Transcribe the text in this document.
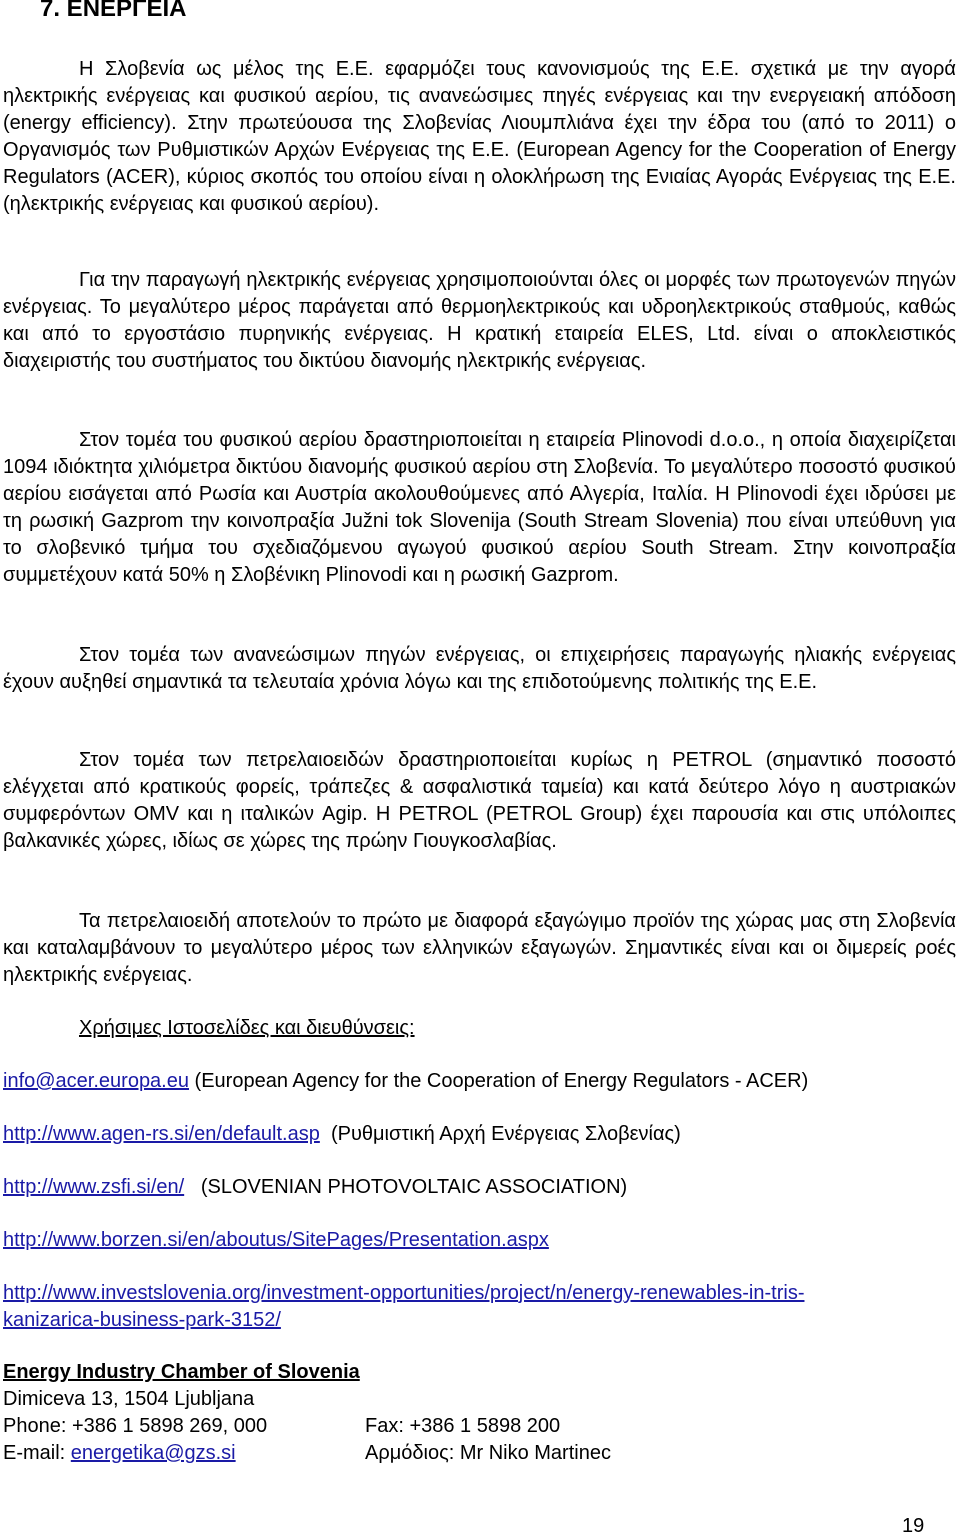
7. ΕΝΕΡΓΕΙΑ

Η Σλοβενία ως μέλος της Ε.Ε. εφαρμόζει τους κανονισμούς της Ε.Ε. σχετικά με την αγορά ηλεκτρικής ενέργειας και φυσικού αερίου, τις ανανεώσιμες πηγές ενέργειας και την ενεργειακή απόδοση (energy efficiency). Στην πρωτεύουσα της Σλοβενίας Λιουμπλιάνα έχει την έδρα του (από το 2011) ο Οργανισμός των Ρυθμιστικών Αρχών Ενέργειας της Ε.Ε. (European Agency for the Cooperation of Energy Regulators (ACER), κύριος σκοπός του οποίου είναι η ολοκλήρωση της Ενιαίας Αγοράς Ενέργειας της Ε.Ε. (ηλεκτρικής ενέργειας και φυσικού αερίου).

Για την παραγωγή ηλεκτρικής ενέργειας χρησιμοποιούνται όλες οι μορφές των πρωτογενών πηγών ενέργειας. Το μεγαλύτερο μέρος παράγεται από θερμοηλεκτρικούς και υδροηλεκτρικούς σταθμούς, καθώς και από το εργοστάσιο πυρηνικής ενέργειας. Η κρατική εταιρεία ELES, Ltd. είναι ο αποκλειστικός διαχειριστής του συστήματος του δικτύου διανομής ηλεκτρικής ενέργειας.

Στον τομέα του φυσικού αερίου δραστηριοποιείται η εταιρεία Plinovodi d.o.o., η οποία διαχειρίζεται 1094 ιδιόκτητα χιλιόμετρα δικτύου διανομής φυσικού αερίου στη Σλοβενία. Το μεγαλύτερο ποσοστό φυσικού αερίου εισάγεται από Ρωσία και Αυστρία ακολουθούμενες από Αλγερία, Ιταλία. Η Plinovodi έχει ιδρύσει με τη ρωσική Gazprom την κοινοπραξία Južni tok Slovenija (South Stream Slovenia) που είναι υπεύθυνη για το σλοβενικό τμήμα του σχεδιαζόμενου αγωγού φυσικού αερίου South Stream. Στην κοινοπραξία συμμετέχουν κατά 50% η Σλοβένικη Plinovodi και η ρωσική Gazprom.

Στον τομέα των ανανεώσιμων πηγών ενέργειας, οι επιχειρήσεις παραγωγής ηλιακής ενέργειας έχουν αυξηθεί σημαντικά τα τελευταία χρόνια λόγω και της επιδοτούμενης πολιτικής της Ε.Ε.

Στον τομέα των πετρελαιοειδών δραστηριοποιείται κυρίως η PETROL (σημαντικό ποσοστό ελέγχεται από κρατικούς φορείς, τράπεζες & ασφαλιστικά ταμεία) και κατά δεύτερο λόγο η αυστριακών συμφερόντων OMV και η ιταλικών Agip. Η PETROL (PETROL Group) έχει παρουσία και στις υπόλοιπες βαλκανικές χώρες, ιδίως σε χώρες της πρώην Γιουγκοσλαβίας.

Τα πετρελαιοειδή αποτελούν το πρώτο με διαφορά εξαγώγιμο προϊόν της χώρας μας στη Σλοβενία και καταλαμβάνουν το μεγαλύτερο μέρος των ελληνικών εξαγωγών. Σημαντικές είναι και οι διμερείς ροές ηλεκτρικής ενέργειας.

Χρήσιμες Ιστοσελίδες και διευθύνσεις:

info@acer.europa.eu (European Agency for the Cooperation of Energy Regulators - ACER)

http://www.agen-rs.si/en/default.asp  (Ρυθμιστική Αρχή Ενέργειας Σλοβενίας)

http://www.zsfi.si/en/   (SLOVENIAN PHOTOVOLTAIC ASSOCIATION)

http://www.borzen.si/en/aboutus/SitePages/Presentation.aspx

http://www.investslovenia.org/investment-opportunities/project/n/energy-renewables-in-tris-
kanizarica-business-park-3152/

Energy Industry Chamber of Slovenia
Dimiceva 13, 1504 Ljubljana
Phone: +386 1 5898 269, 000	Fax: +386 1 5898 200
E-mail: energetika@gzs.si	Αρμόδιος: Mr Niko Martinec

19
